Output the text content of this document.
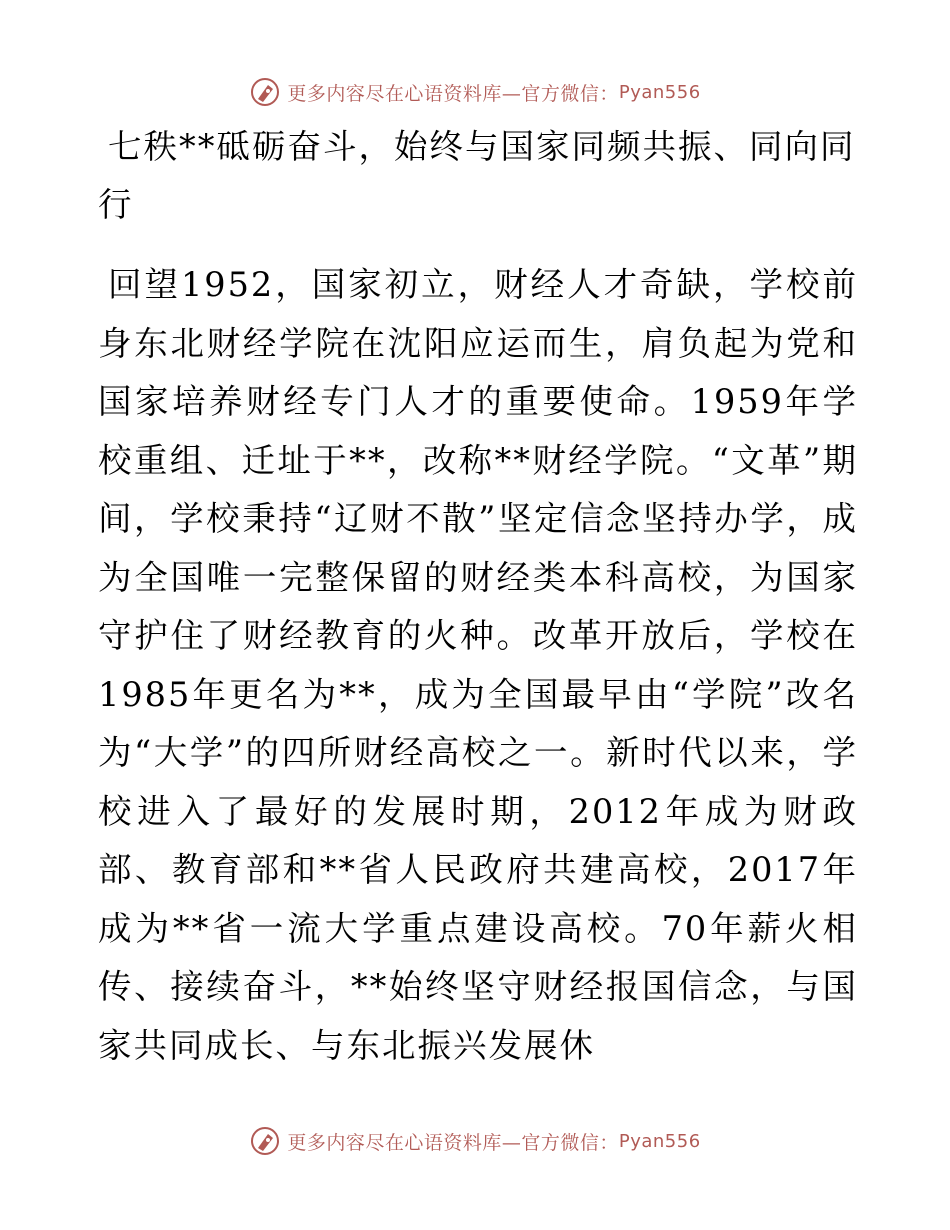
更多内容尽在心语资料库—官方微信： Pyan556
七秩**砥砺奋斗，始终与国家同频共振、同向同
行

回望1952，国家初立，财经人才奇缺，学校前身东北财经学院在沈阳应运而生，肩负起为党和国家培养财经专门人才的重要使命。1959年学校重组、迁址于**，改称**财经学院。“文革”期间，学校秉持“辽财不散”坚定信念坚持办学，成为全国唯一完整保留的财经类本科高校，为国家守护住了财经教育的火种。改革开放后，学校在1985年更名为**，成为全国最早由“学院”改名为“大学”的四所财经高校之一。新时代以来，学校进入了最好的发展时期，2012年成为财政部、教育部和**省人民政府共建高校，2017年成为**省一流大学重点建设高校。70年薪火相传、接续奋斗，**始终坚守财经报国信念，与国家共同成长、与东北振兴发展休

更多内容尽在心语资料库—官方微信： Pyan556
